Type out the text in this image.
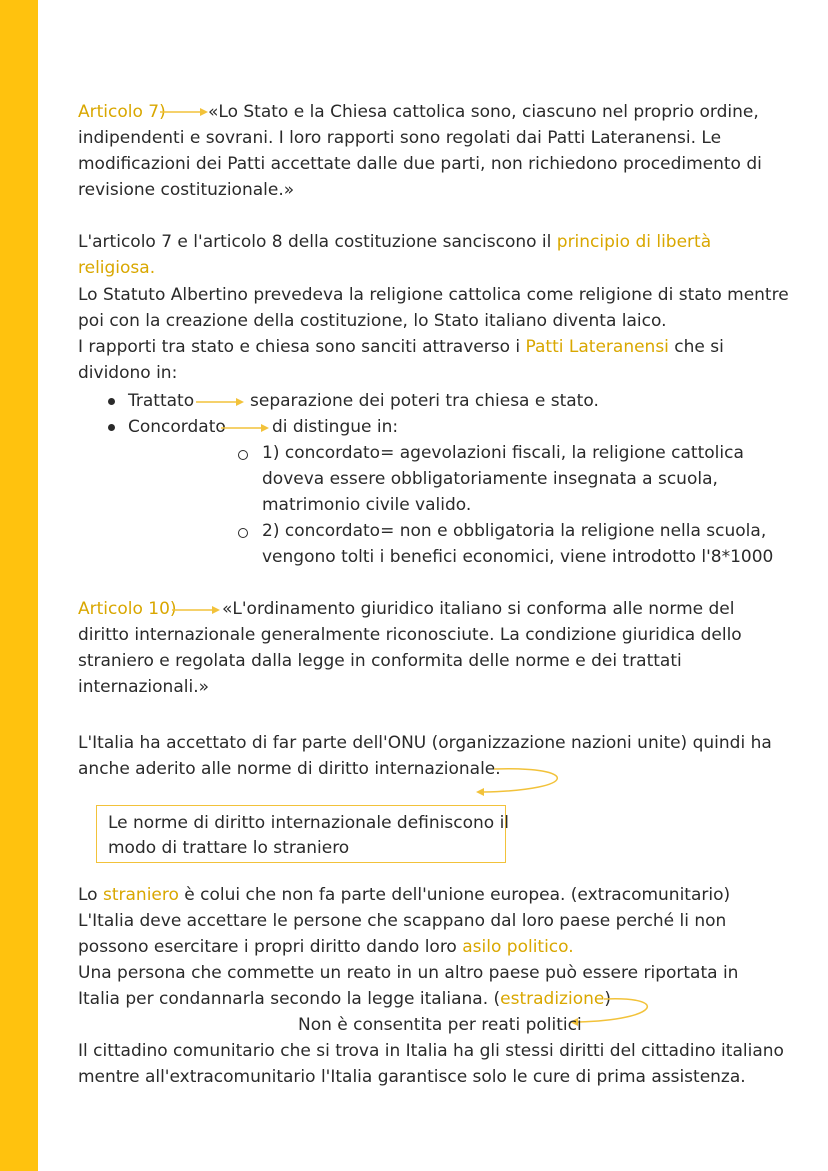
Articolo 7) «Lo Stato e la Chiesa cattolica sono, ciascuno nel proprio ordine,
indipendenti e sovrani. I loro rapporti sono regolati dai Patti Lateranensi. Le
modificazioni dei Patti accettate dalle due parti, non richiedono procedimento di
revisione costituzionale.»
L'articolo 7 e l'articolo 8 della costituzione sanciscono il principio di libertà
religiosa.
Lo Statuto Albertino prevedeva la religione cattolica come religione di stato mentre
poi con la creazione della costituzione, lo Stato italiano diventa laico.
I rapporti tra stato e chiesa sono sanciti attraverso i Patti Lateranensi che si
dividono in:
Trattato	separazione dei poteri tra chiesa e stato.
Concordato	di distingue in:
1) concordato= agevolazioni fiscali, la religione cattolica
doveva essere obbligatoriamente insegnata a scuola,
matrimonio civile valido.
2) concordato= non e obbligatoria la religione nella scuola,
vengono tolti i benefici economici, viene introdotto l'8*1000
Articolo 10)	«L'ordinamento giuridico italiano si conforma alle norme del
diritto internazionale generalmente riconosciute. La condizione giuridica dello
straniero e regolata dalla legge in conformita delle norme e dei trattati
internazionali.»
L'Italia ha accettato di far parte dell'ONU (organizzazione nazioni unite) quindi ha
anche aderito alle norme di diritto internazionale.
Le norme di diritto internazionale definiscono il
modo di trattare lo straniero
Lo straniero è colui che non fa parte dell'unione europea. (extracomunitario)
L'Italia deve accettare le persone che scappano dal loro paese perché li non
possono esercitare i propri diritto dando loro asilo politico.
Una persona che commette un reato in un altro paese può essere riportata in
Italia per condannarla secondo la legge italiana. (estradizione)
Non è consentita per reati politici
Il cittadino comunitario che si trova in Italia ha gli stessi diritti del cittadino italiano
mentre all'extracomunitario l'Italia garantisce solo le cure di prima assistenza.
